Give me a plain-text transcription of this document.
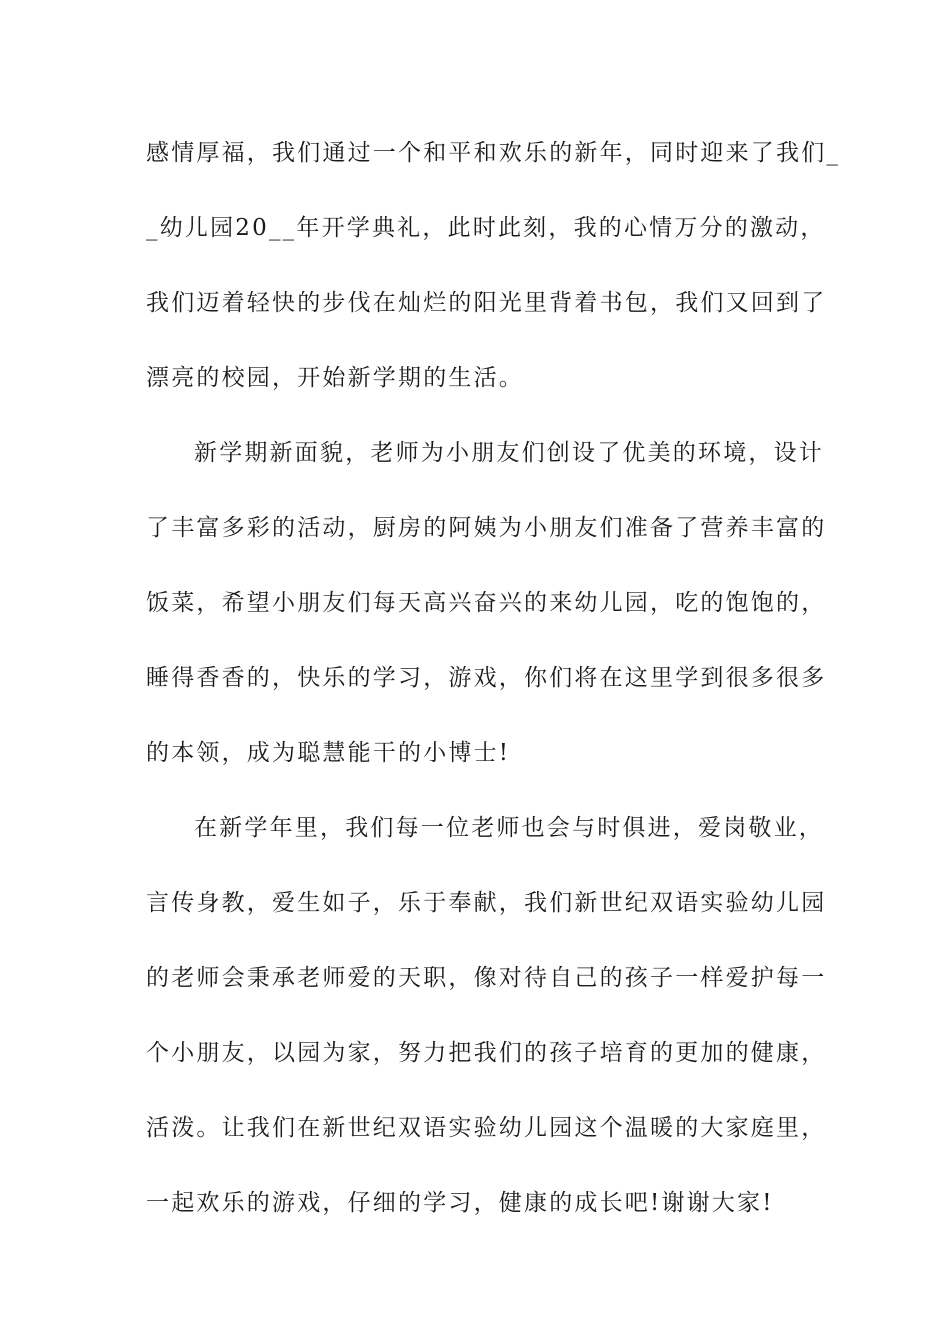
感情厚福，我们通过一个和平和欢乐的新年，同时迎来了我们_
_幼儿园20__年开学典礼，此时此刻，我的心情万分的激动，
我们迈着轻快的步伐在灿烂的阳光里背着书包，我们又回到了
漂亮的校园，开始新学期的生活。
新学期新面貌，老师为小朋友们创设了优美的环境，设计
了丰富多彩的活动，厨房的阿姨为小朋友们准备了营养丰富的
饭菜，希望小朋友们每天高兴奋兴的来幼儿园，吃的饱饱的，
睡得香香的，快乐的学习，游戏，你们将在这里学到很多很多
的本领，成为聪慧能干的小博士!
在新学年里，我们每一位老师也会与时俱进，爱岗敬业，
言传身教，爱生如子，乐于奉献，我们新世纪双语实验幼儿园
的老师会秉承老师爱的天职，像对待自己的孩子一样爱护每一
个小朋友，以园为家，努力把我们的孩子培育的更加的健康，
活泼。让我们在新世纪双语实验幼儿园这个温暖的大家庭里，
一起欢乐的游戏，仔细的学习，健康的成长吧!谢谢大家!
